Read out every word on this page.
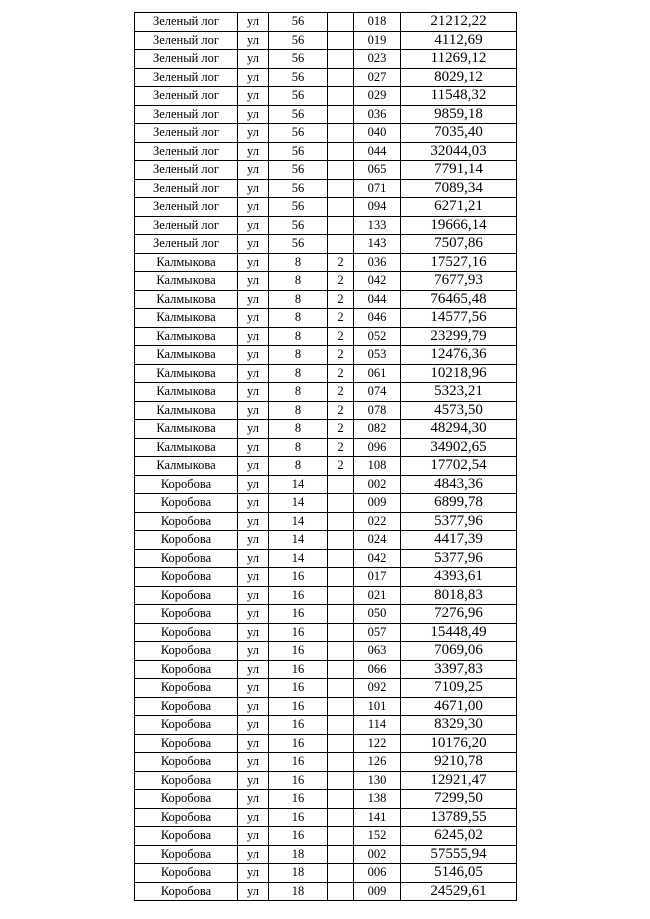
Зеленый лог	ул	56		018	21212,22
Зеленый лог	ул	56		019	4112,69
Зеленый лог	ул	56		023	11269,12
Зеленый лог	ул	56		027	8029,12
Зеленый лог	ул	56		029	11548,32
Зеленый лог	ул	56		036	9859,18
Зеленый лог	ул	56		040	7035,40
Зеленый лог	ул	56		044	32044,03
Зеленый лог	ул	56		065	7791,14
Зеленый лог	ул	56		071	7089,34
Зеленый лог	ул	56		094	6271,21
Зеленый лог	ул	56		133	19666,14
Зеленый лог	ул	56		143	7507,86
Калмыкова	ул	8	2	036	17527,16
Калмыкова	ул	8	2	042	7677,93
Калмыкова	ул	8	2	044	76465,48
Калмыкова	ул	8	2	046	14577,56
Калмыкова	ул	8	2	052	23299,79
Калмыкова	ул	8	2	053	12476,36
Калмыкова	ул	8	2	061	10218,96
Калмыкова	ул	8	2	074	5323,21
Калмыкова	ул	8	2	078	4573,50
Калмыкова	ул	8	2	082	48294,30
Калмыкова	ул	8	2	096	34902,65
Калмыкова	ул	8	2	108	17702,54
Коробова	ул	14		002	4843,36
Коробова	ул	14		009	6899,78
Коробова	ул	14		022	5377,96
Коробова	ул	14		024	4417,39
Коробова	ул	14		042	5377,96
Коробова	ул	16		017	4393,61
Коробова	ул	16		021	8018,83
Коробова	ул	16		050	7276,96
Коробова	ул	16		057	15448,49
Коробова	ул	16		063	7069,06
Коробова	ул	16		066	3397,83
Коробова	ул	16		092	7109,25
Коробова	ул	16		101	4671,00
Коробова	ул	16		114	8329,30
Коробова	ул	16		122	10176,20
Коробова	ул	16		126	9210,78
Коробова	ул	16		130	12921,47
Коробова	ул	16		138	7299,50
Коробова	ул	16		141	13789,55
Коробова	ул	16		152	6245,02
Коробова	ул	18		002	57555,94
Коробова	ул	18		006	5146,05
Коробова	ул	18		009	24529,61
